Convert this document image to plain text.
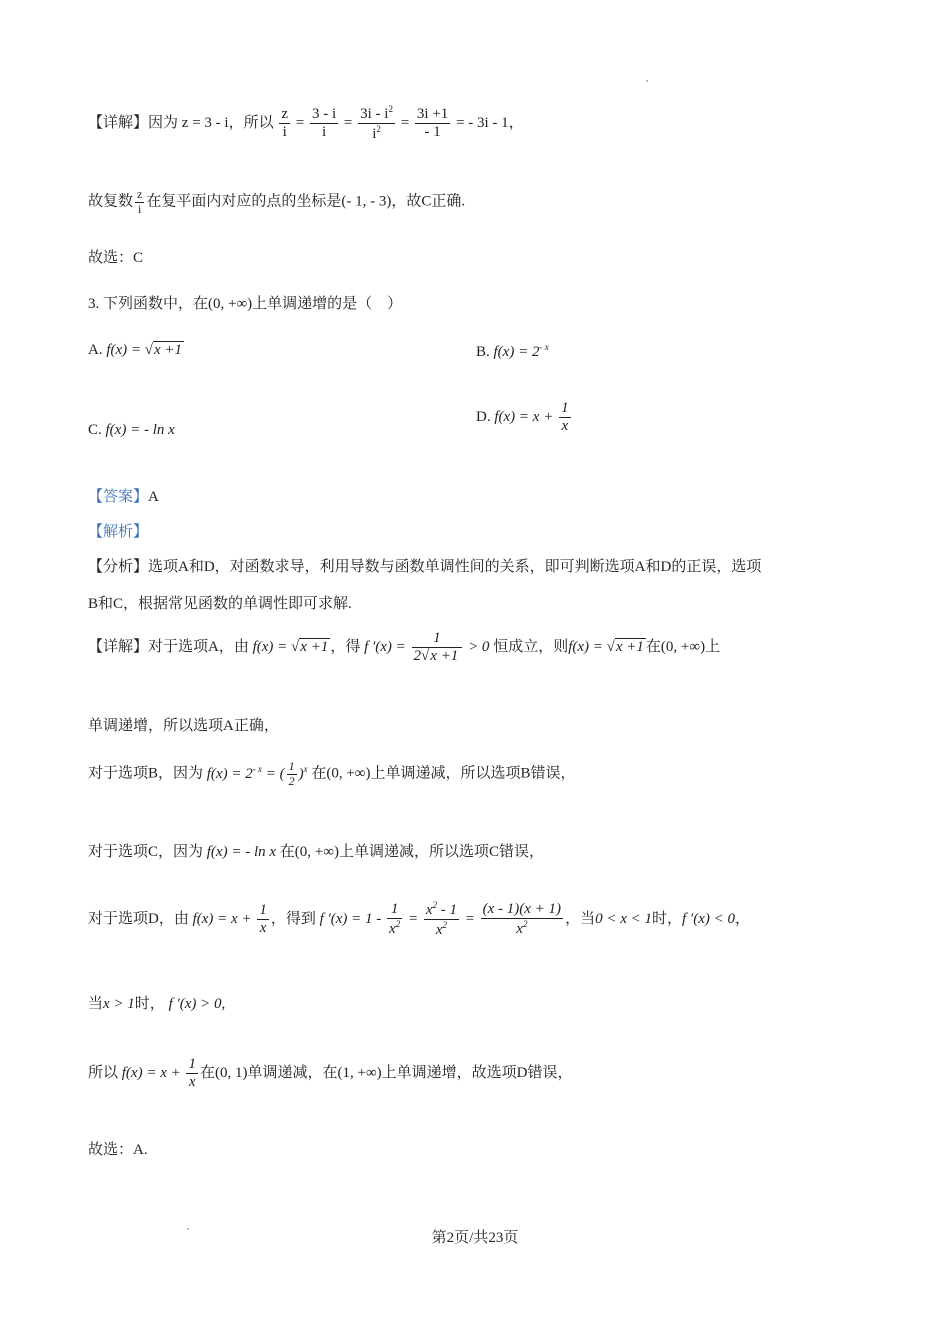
【详解】因为 z = 3 - i，所以 $\frac{z}{i} = \frac{3 - i}{i} = \frac{3i - i^2}{i^2} = \frac{3i +1}{- 1}$ = - 3i - 1，
故复数 $\frac{z}{i}$ 在复平面内对应的点的坐标是(- 1, - 3)，故C正确.
故选：C
3. 下列函数中，在(0, +∞)上单调递增的是（　）
A. f(x) = √x +1	B. $f(x) = 2^{- x}$
C. f(x) = - ln x
D. $f(x) = x + \frac{1}{x}$
【答案】A
【解析】
【分析】选项A和D，对函数求导，利用导数与函数单调性间的关系，即可判断选项A和D的正误，选项
B和C，根据常见函数的单调性即可求解.
【详解】对于选项A，由 f(x) = √x +1 ，得 f $'(x) = \frac{1}{2√x +1} > 0$ 恒成立，则f(x) = √x +1 在(0, +∞)上
单调递增，所以选项A正确，
对于选项B，因为 $f(x) = 2^{- x}$ = ( $\frac{1}{2} )^x$ 在(0, +∞)上单调递减，所以选项B错误，
对于选项C，因为 f(x) = - ln x 在(0, +∞)上单调递减，所以选项C错误，
对于选项D，由 $f(x) = x + \frac{1}{x}$ ，得到 f $'(x) = 1 - \frac{1}{x^2} = \frac{x^2 - 1}{x^2} = \frac{(x - 1)(x + 1)}{x^2}$ ，当0 < x < 1时，f ′(x) < 0，
当x > 1时， f ′(x) > 0,
所以 $f(x) = x + \frac{1}{x}$ 在(0, 1)单调递减，在(1, +∞)上单调递增，故选项D错误，
故选：A.
第2页/共23页
